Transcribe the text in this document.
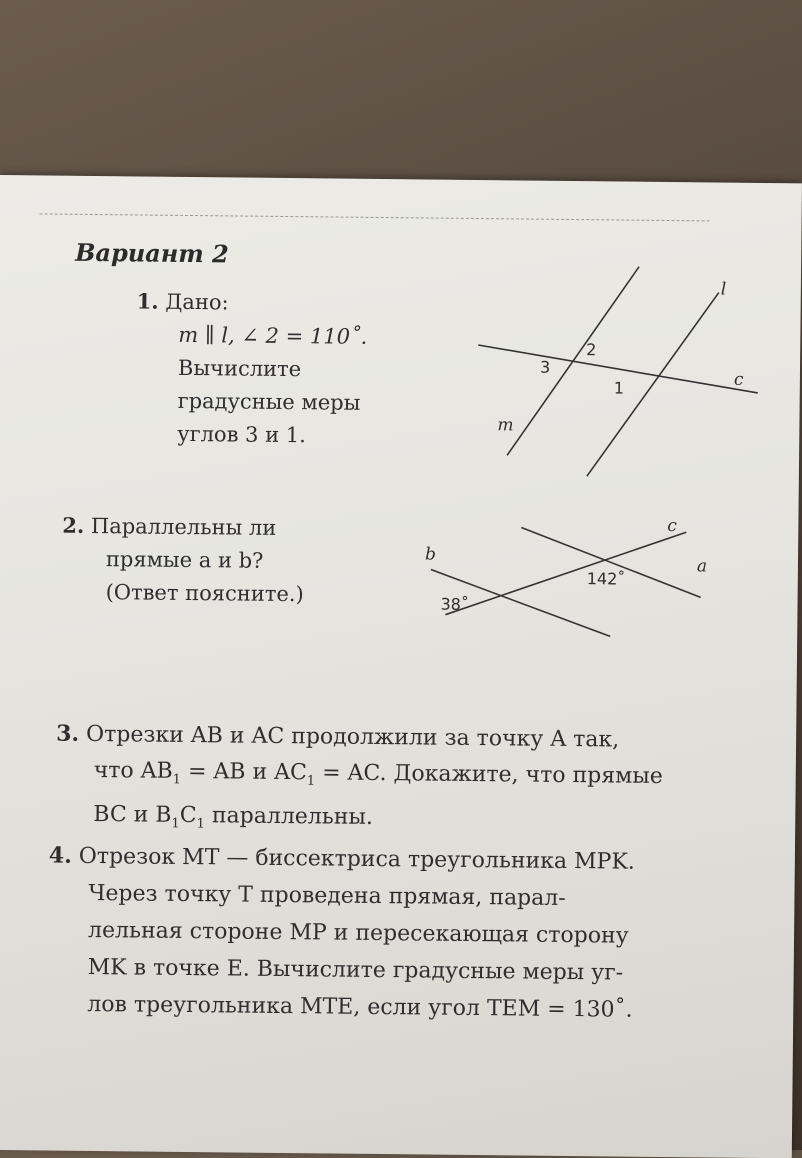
Вариант 2
1. Дано:
m ∥ l, ∠ 2 = 110˚.
Вычислите
градусные меры
углов 3 и 1.
l
c
m
2
3
1
2. Параллельны ли
прямые a и b?
(Ответ поясните.)
b
c
a
142˚
38˚
3. Отрезки AB и AC продолжили за точку A так,
что $AB_1$ = AB и $AC_1$ = AC. Докажите, что прямые
BC и $B_1C_1$ параллельны.
4. Отрезок MT — биссектриса треугольника MPK.
Через точку T проведена прямая, парал-
лельная стороне MP и пересекающая сторону
MK в точке E. Вычислите градусные меры уг-
лов треугольника MTE, если угол TEM = 130˚.
